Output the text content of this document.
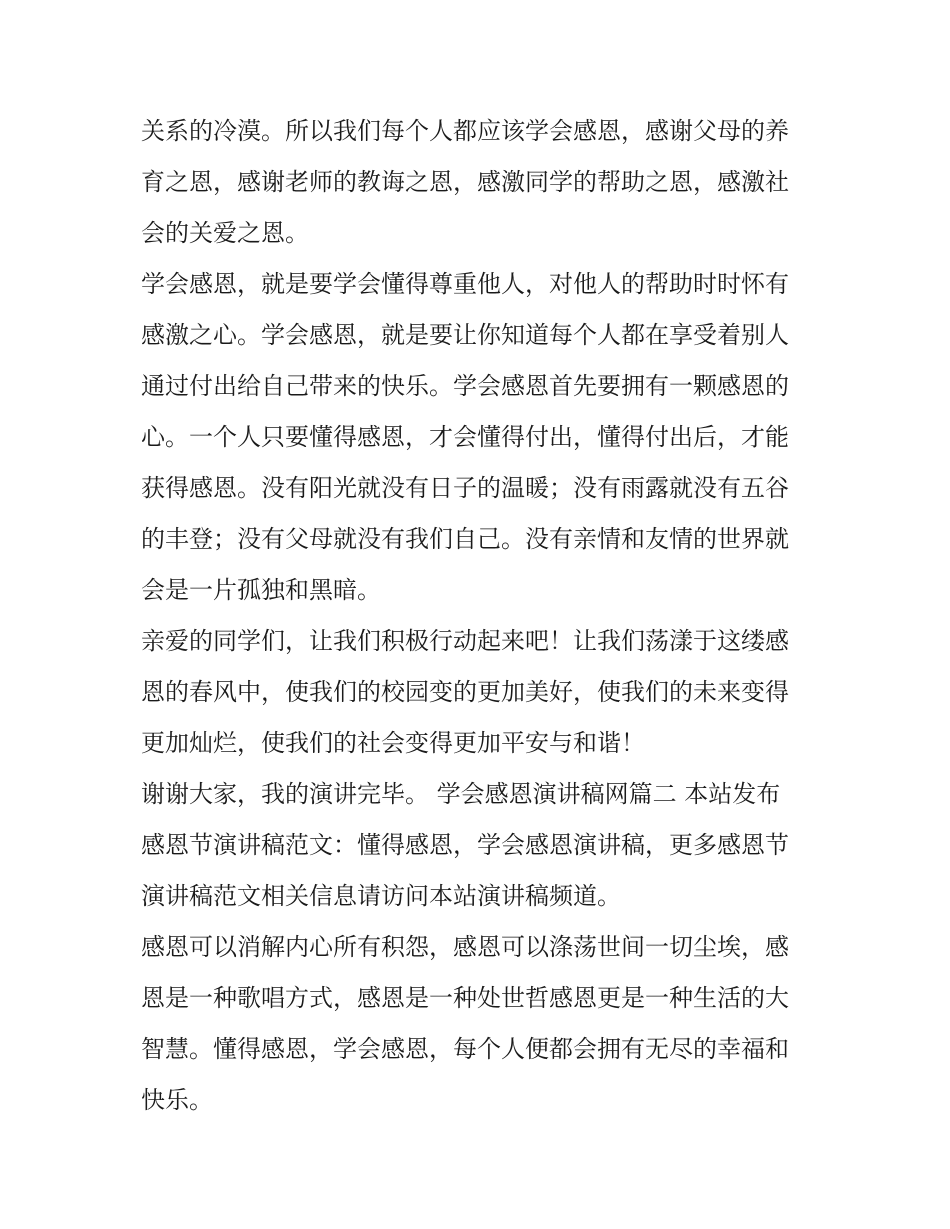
关系的冷漠。所以我们每个人都应该学会感恩，感谢父母的养
育之恩，感谢老师的教诲之恩，感激同学的帮助之恩，感激社
会的关爱之恩。

学会感恩，就是要学会懂得尊重他人，对他人的帮助时时怀有
感激之心。学会感恩，就是要让你知道每个人都在享受着别人
通过付出给自己带来的快乐。学会感恩首先要拥有一颗感恩的
心。一个人只要懂得感恩，才会懂得付出，懂得付出后，才能
获得感恩。没有阳光就没有日子的温暖；没有雨露就没有五谷
的丰登；没有父母就没有我们自己。没有亲情和友情的世界就
会是一片孤独和黑暗。

亲爱的同学们，让我们积极行动起来吧！让我们荡漾于这缕感
恩的春风中，使我们的校园变的更加美好，使我们的未来变得
更加灿烂，使我们的社会变得更加平安与和谐！

谢谢大家，我的演讲完毕。 学会感恩演讲稿网篇二 本站发布
感恩节演讲稿范文：懂得感恩，学会感恩演讲稿，更多感恩节
演讲稿范文相关信息请访问本站演讲稿频道。

感恩可以消解内心所有积怨，感恩可以涤荡世间一切尘埃，感
恩是一种歌唱方式，感恩是一种处世哲感恩更是一种生活的大
智慧。懂得感恩，学会感恩，每个人便都会拥有无尽的幸福和
快乐。
